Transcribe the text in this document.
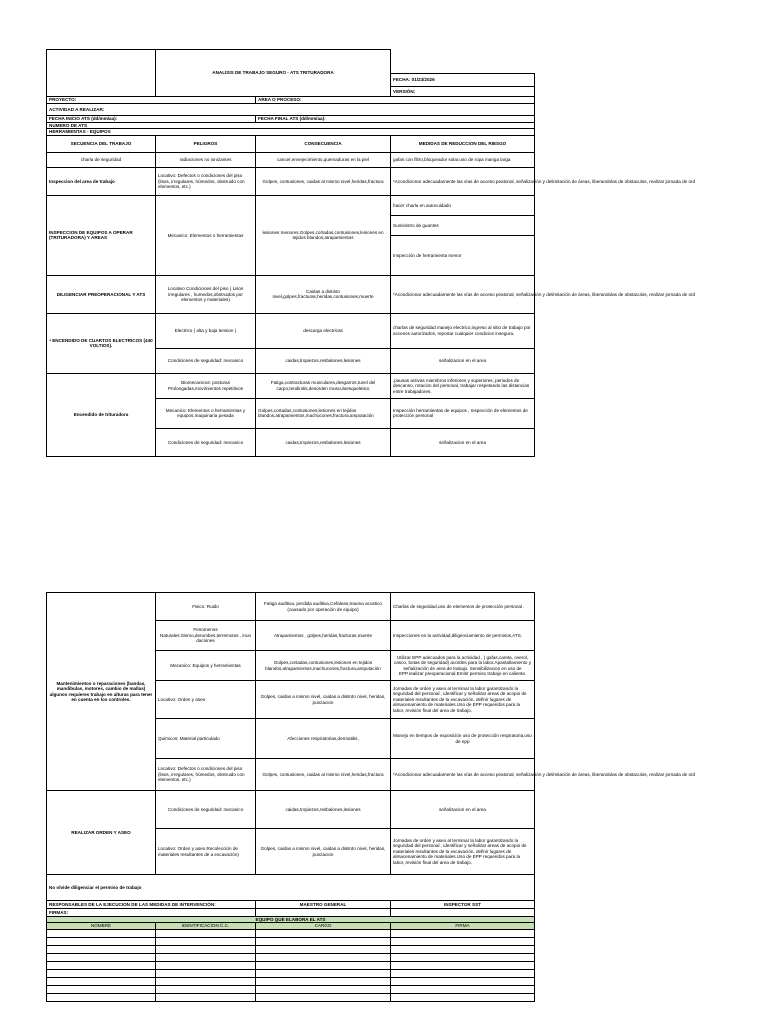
	ANALISIS DE TRABAJO SEGURO - ATS TRITURADORA		
			FECHA: 01/23/2026
			VERSIÓN:
PROYECTO:		AREA O PROCESO:	
ACTIVIDAD A REALIZAR:			
FECHA INICIO ATS (dd/mm/aa):		FECHA FINAL ATS (dd/mm/aa):	
NUMERO DE ATS			
HERRAMIENTAS - EQUIPOS			
SECUENCIA DEL TRABAJO	PELIGROS	CONSECUENCIA	MEDIDAS DE REDUCCION DEL RIESGO
charla de seguridad	radiaciones no ionizantes	cancer,envejecimiento,quemaduras en la piel	gafas con filtro,bloqueador solar,uso de ropa manga larga
Inspeccion del area de trabajo	Locativo: Defectos o condiciones del piso (lisos, irregulares, húmedos, obstruido con elementos, etc.)	Golpes, contusiones, caidas al mismo nivel,heridas,fractura	*Acondicionar adecuadamente las vías de acceso peatonal, señalización y delimitación de áreas, liberandolas de obstaculos, realizar jornada de ord
INSPECCION DE EQUIPOS A OPERAR (TRITURADORA) Y AREAS	Mecanico: Elementos o herramientas	lesiones menores.Golpes,cortadas,contusiones,lesiones en tejidos blandos,atrapamientos	hacer charla en autocuidado
			Suministro de guantes
			Inspección de herramienta menor
DILIGENCIAR PREOPERACIONAL Y ATS	Locativo Condiciones del piso ( Lisos irregulares , humedos,obstruidos por elementos y materiales)	Caidas a distinto nivel,golpes,fracturas,heridas,contusiones,muerte	*Acondicionar adecuadamente las vías de acceso peatonal, señalización y delimitación de áreas, liberandolas de obstaculos, realizar jornada de ord
• ENCENDIDO DE CUARTOS ELECTRICOS (440 VOLTIOS).	Electrico ( alta y baja tension )	descarga electricas	charlas de seguridad manejo electrico,ingreso al sitio de trabajo por accesos autorizados, reportar cualquier condicion insegura.
	Condiciones de seguridad: mecanico	caidas,tropiezos,resbalones,lesiones	señalizacion en el area
Encendido de trituradora	Biomecanicos: posturas Prolongadas,movimientos repetitivos	Fatiga,contracturas musculares,desgarros,tunel del carpo,tendinitis,desorden musculoesqueletico	,pausas activas miembros inferiores y superiores, periodos de descanso, rotacion del personal, trabajar respetando las distancias entre trabajadores.
	Mecanico: Elementos o herramientas y equipos,maquinaria pesada	Golpes,cortadas,contusiones,lesiones en tejidos blandos,atrapamientos,machucones,fractura,amputación	Inspección herramientas de equipos , Inspección de elementos de protección personal
	Condiciones de seguridad: mecanico	caidas,tropiezos,resbalones,lesiones	señalizacion en el area
Mantenimientos o reparaciones (bandas, mandibulas, motores, cambio de mallas) algunos requieres trabajo en alturas para tener en cuenta en los controles.	Fisico: Ruido	Fatiga auditiva, perdida auditiva,Cefaleas,trauma acustico (causado por operación de equipo)	Charlas de seguridad,uso de elementos de protección personal .
	Fenomenos Naturales:Sismo,derumbes,terremotos , inun daciones	Atrapamientos , golpes,heridas,fracturas,muerte	Inspecciones en la actividad,diligenciamiento de permisos,ATS.
	Mecanico: Equipos y herramientas	Golpes,cortadas,contusiones,lesiones en tejidos blandos,atrapamientos,machucones,fractura,amputación	Utilizar EPP adecuados para la actividad , ( gafas,careta, overol, casco, botas de seguridad) acordes para la labor.Apantallamiento y señalización de area de trabajo. Sensibilizacion en uso de EPP.realizar preoperacional.Emitir permiso trabajo en caliente.
	Locativo: Orden y aseo	Golpes, caidas a mismo nivel, caidas a distinto nivel, heridas, punzacion	Jornadas de orden y aseo al terminar la labor garantizando la seguridad del personal , identificar y señalizar areas de acopio de materiales resultantes de la excavación, definir lugares de almacenamiento de materiales.Uso de EPP requeridos para la labor, revisión final del area de trabajo.
	Quimicos: Material particulado	Afecciones respiratorias,dermatitis,	Manejo en tiempos de exposición uso de protección respiratoria,uso de epp
	Locativo: Defectos o condiciones del piso (lisos, irregulares, húmedos, obstruido con elementos, etc.)	Golpes, contusiones, caidas al mismo nivel,heridas,fractura	*Acondicionar adecuadamente las vías de acceso peatonal, señalización y delimitación de áreas, liberandolas de obstaculos, realizar jornada de ord
REALIZAR ORDEN Y ASEO	Condiciones de seguridad: mecanico	caidas,tropiezos,resbalones,lesiones	señalizacion en el area
	Locativo: Orden y aseo.Recolección de materiales resultantes de a excavación)	Golpes, caidas a mismo nivel, caidas a distinto nivel, heridas, punzacion	Jornadas de orden y aseo al terminar la labor garantizando la seguridad del personal , identificar y señalizar areas de acopio de materiales resultantes de la excavación, definir lugares de almacenamiento de materiales.Uso de EPP requeridos para la labor, revisión final del area de trabajo.
No olvide diligenciar el permiso de trabajo			
RESPONSABLES DE LA EJECUCION DE LAS MEDIDAS DE INTERVENCIÓN:		MAESTRO GENERAL	INSPECTOR SST
FIRMAS:			
EQUIPO QUE ELABORA EL ATS			
NOMBRE	IDENTIFICACION C.C.	CARGO	FIRMA
